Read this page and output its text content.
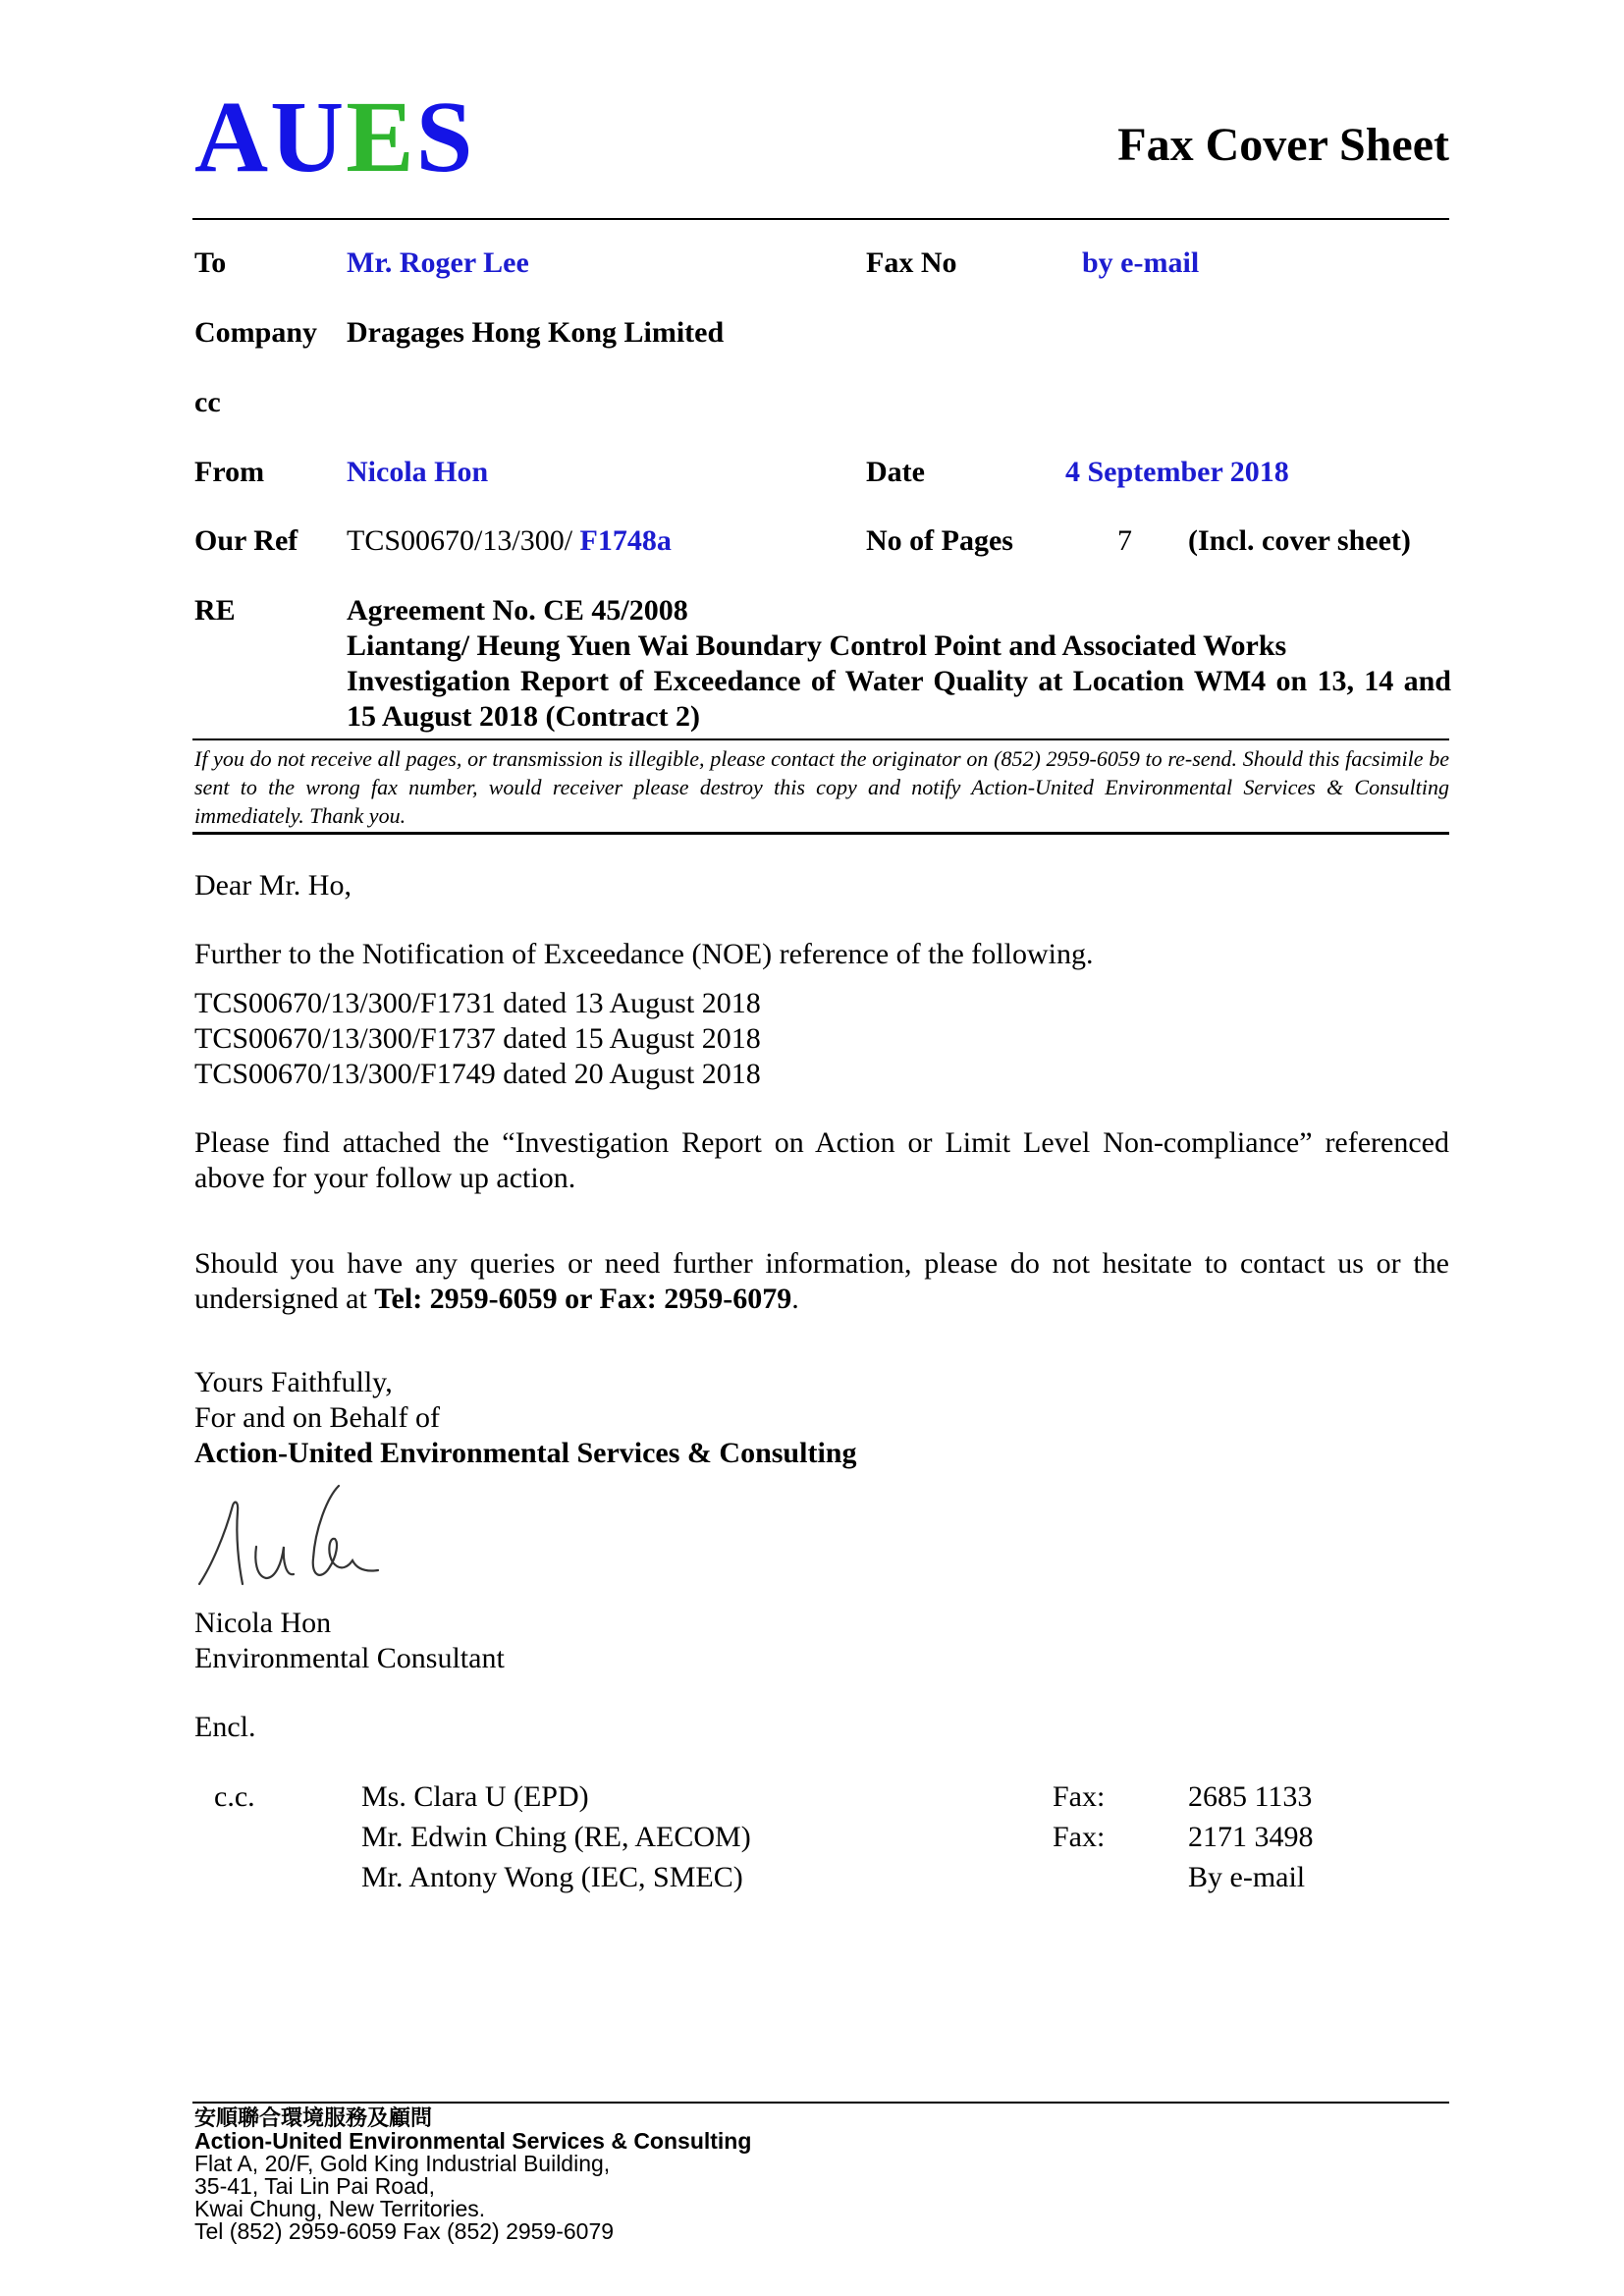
AUES	Fax Cover Sheet
To	Mr. Roger Lee	Fax No	by e-mail
Company Dragages Hong Kong Limited
cc
From	Nicola Hon	Date	4 September 2018
Our Ref TCS00670/13/300/ F1748a	No of Pages	7 (Incl. cover sheet)
RE	Agreement No. CE 45/2008
Liantang/ Heung Yuen Wai Boundary Control Point and Associated Works
Investigation Report of Exceedance of Water Quality at Location WM4 on 13, 14 and 15 August 2018 (Contract 2)
If you do not receive all pages, or transmission is illegible, please contact the originator on (852) 2959-6059 to re-send. Should this facsimile be sent to the wrong fax number, would receiver please destroy this copy and notify Action-United Environmental Services & Consulting immediately. Thank you.
Dear Mr. Ho,
Further to the Notification of Exceedance (NOE) reference of the following.
TCS00670/13/300/F1731 dated 13 August 2018
TCS00670/13/300/F1737 dated 15 August 2018
TCS00670/13/300/F1749 dated 20 August 2018
Please find attached the “Investigation Report on Action or Limit Level Non-compliance” referenced above for your follow up action.
Should you have any queries or need further information, please do not hesitate to contact us or the undersigned at Tel: 2959-6059 or Fax: 2959-6079.
Yours Faithfully,
For and on Behalf of
Action-United Environmental Services & Consulting
Nicola Hon
Environmental Consultant
Encl.
c.c.	Ms. Clara U (EPD)	Fax:	2685 1133
Mr. Edwin Ching (RE, AECOM)	Fax:	2171 3498
Mr. Antony Wong (IEC, SMEC)	By e-mail
安順聯合環境服務及顧問
Action-United Environmental Services & Consulting
Flat A, 20/F, Gold King Industrial Building,
35-41, Tai Lin Pai Road,
Kwai Chung, New Territories.
Tel (852) 2959-6059 Fax (852) 2959-6079
